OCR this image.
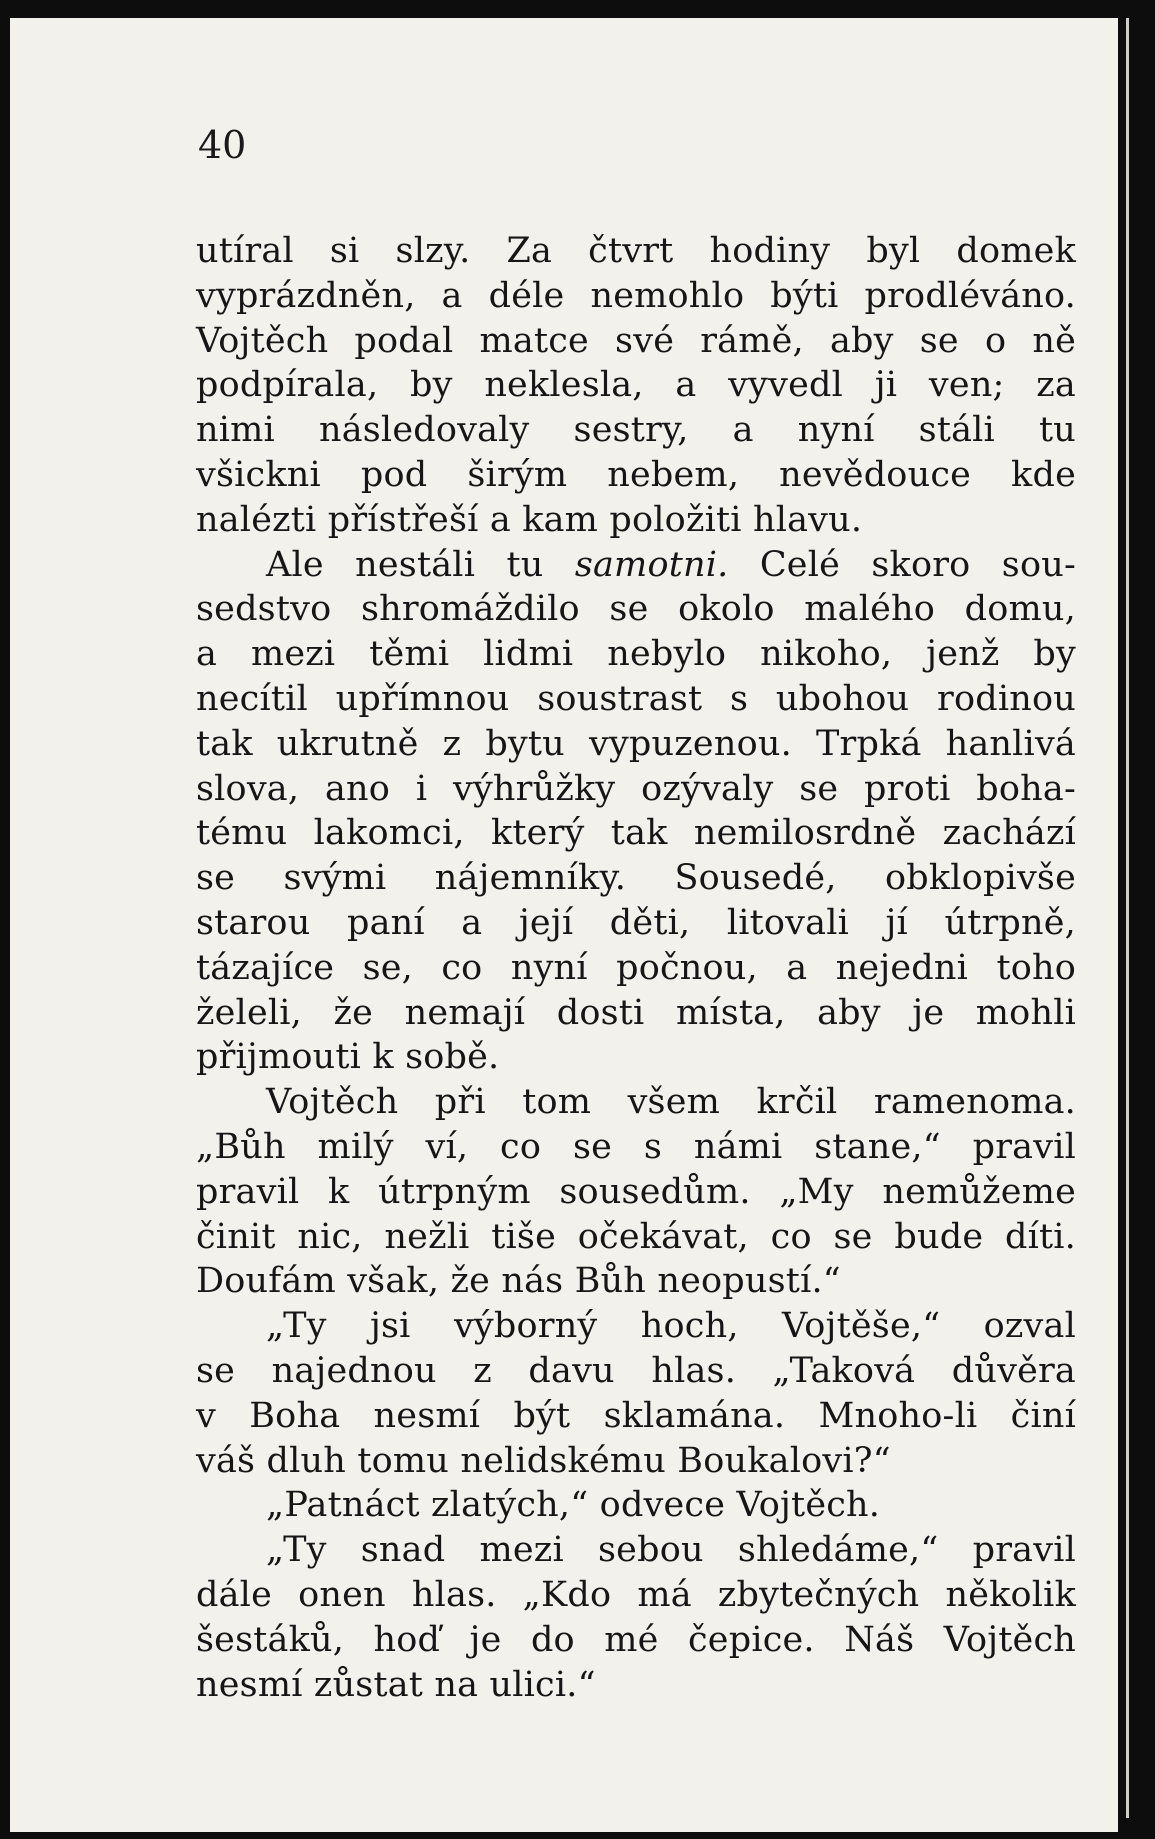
40
utíral si slzy. Za čtvrt hodiny byl domek
vyprázdněn, a déle nemohlo býti prodléváno.
Vojtěch podal matce své rámě, aby se o ně
podpírala, by neklesla, a vyvedl ji ven; za
nimi následovaly sestry, a nyní stáli tu
všickni pod širým nebem, nevědouce kde
nalézti přístřeší a kam položiti hlavu.
Ale nestáli tu samotni. Celé skoro sou-
sedstvo shromáždilo se okolo malého domu,
a mezi těmi lidmi nebylo nikoho, jenž by
necítil upřímnou soustrast s ubohou rodinou
tak ukrutně z bytu vypuzenou. Trpká hanlivá
slova, ano i výhrůžky ozývaly se proti boha-
tému lakomci, který tak nemilosrdně zachází
se svými nájemníky. Sousedé, obklopivše
starou paní a její děti, litovali jí útrpně,
tázajíce se, co nyní počnou, a nejedni toho
želeli, že nemají dosti místa, aby je mohli
přijmouti k sobě.
Vojtěch při tom všem krčil ramenoma.
„Bůh milý ví, co se s námi stane,“ pravil
pravil k útrpným sousedům. „My nemůžeme
činit nic, nežli tiše očekávat, co se bude díti.
Doufám však, že nás Bůh neopustí.“
„Ty jsi výborný hoch, Vojtěše,“ ozval
se najednou z davu hlas. „Taková důvěra
v Boha nesmí být sklamána. Mnoho-li činí
váš dluh tomu nelidskému Boukalovi?“
„Patnáct zlatých,“ odvece Vojtěch.
„Ty snad mezi sebou shledáme,“ pravil
dále onen hlas. „Kdo má zbytečných několik
šestáků, hoď je do mé čepice. Náš Vojtěch
nesmí zůstat na ulici.“
